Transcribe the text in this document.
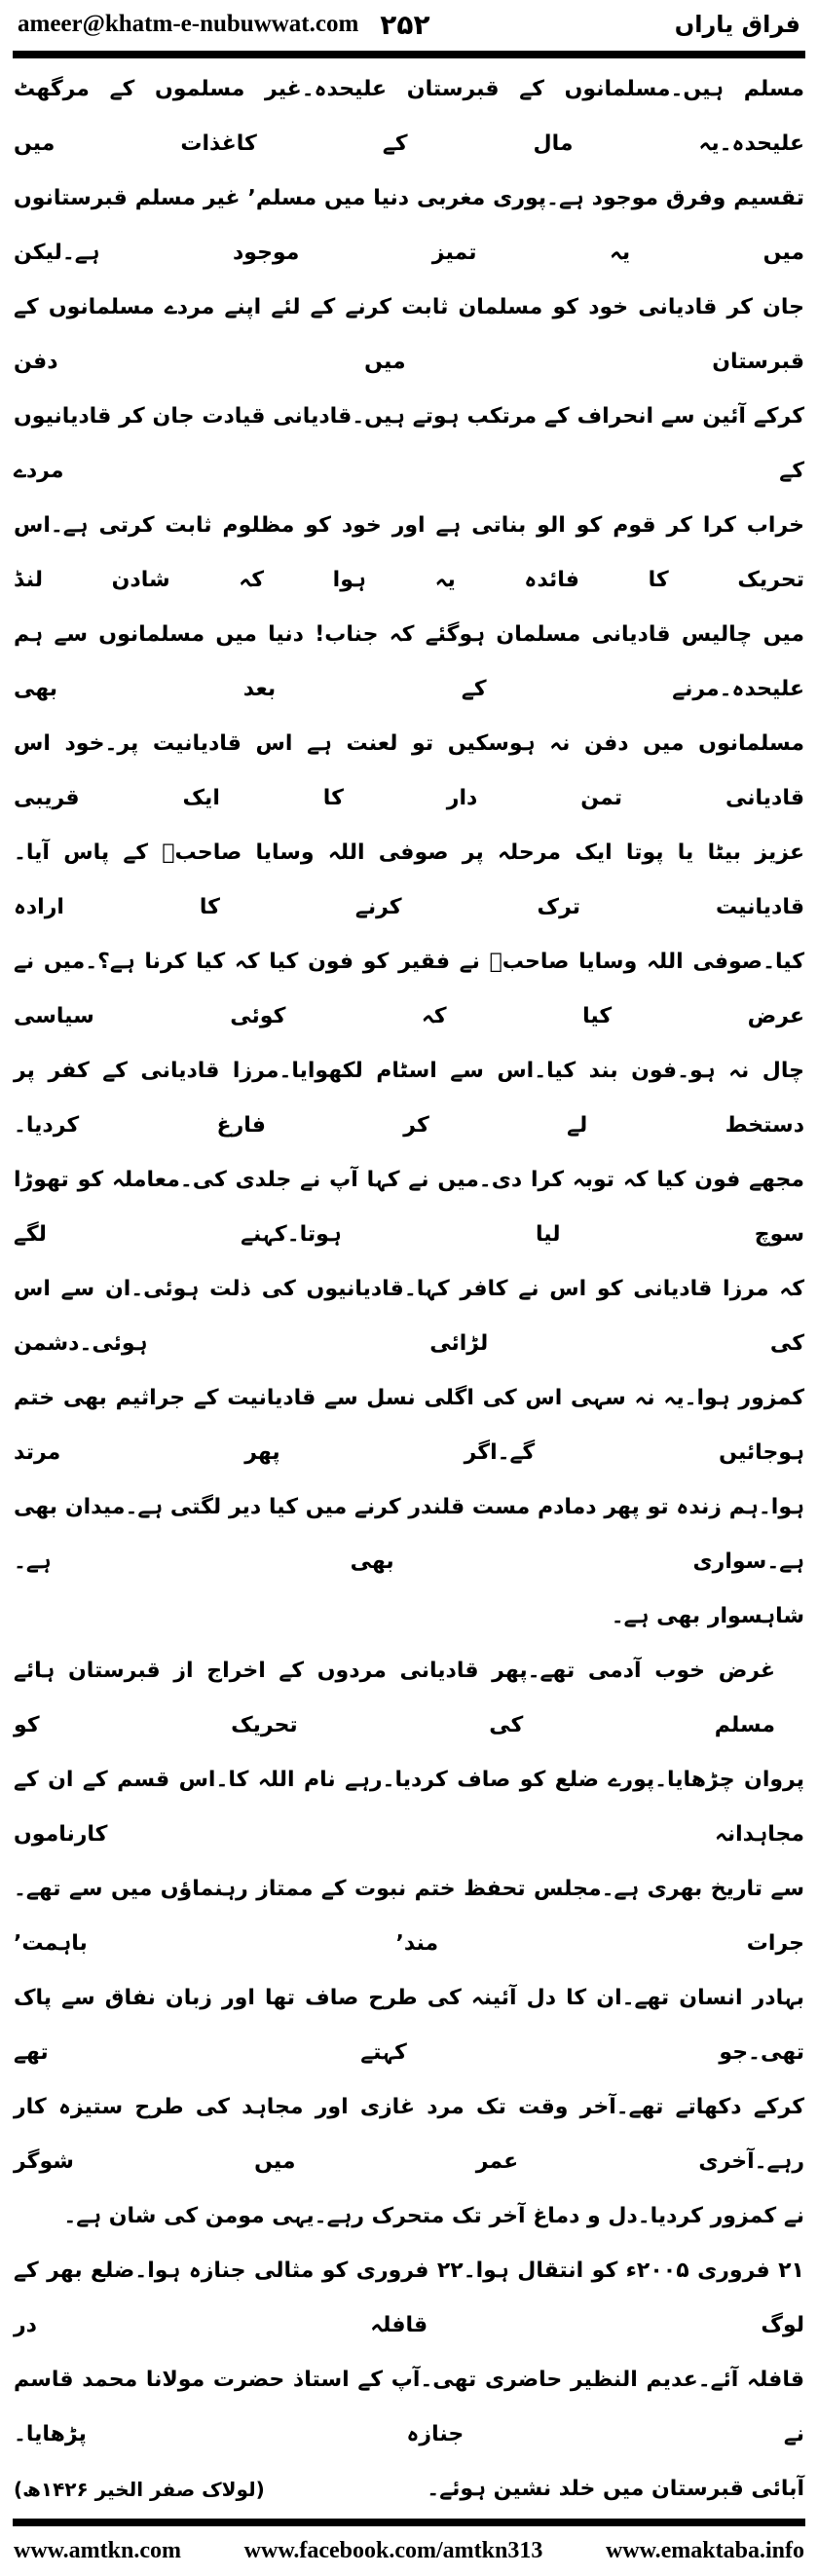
ameer@khatm-e-nubuwwat.com ۲۵۲	فراق یاراں
مسلم ہیں۔مسلمانوں کے قبرستان علیحدہ۔غیر مسلموں کے مرگھٹ علیحدہ۔یہ مال کے کاغذات میں
تقسیم وفرق موجود ہے۔پوری مغربی دنیا میں مسلم٬ غیر مسلم قبرستانوں میں یہ تمیز موجود ہے۔لیکن
جان کر قادیانی خود کو مسلمان ثابت کرنے کے لئے اپنے مردے مسلمانوں کے قبرستان میں دفن
کرکے آئین سے انحراف کے مرتکب ہوتے ہیں۔قادیانی قیادت جان کر قادیانیوں کے مردے
خراب کرا کر قوم کو الو بناتی ہے اور خود کو مظلوم ثابت کرتی ہے۔اس تحریک کا فائدہ یہ ہوا کہ شادن لنڈ
میں چالیس قادیانی مسلمان ہوگئے کہ جناب! دنیا میں مسلمانوں سے ہم علیحدہ۔مرنے کے بعد بھی
مسلمانوں میں دفن نہ ہوسکیں تو لعنت ہے اس قادیانیت پر۔خود اس قادیانی تمن دار کا ایک قریبی
عزیز بیٹا یا پوتا ایک مرحلہ پر صوفی اللہ وسایا صاحبؒ کے پاس آیا۔قادیانیت ترک کرنے کا ارادہ
کیا۔صوفی اللہ وسایا صاحبؒ نے فقیر کو فون کیا کہ کیا کرنا ہے؟۔میں نے عرض کیا کہ کوئی سیاسی
چال نہ ہو۔فون بند کیا۔اس سے اسٹام لکھوایا۔مرزا قادیانی کے کفر پر دستخط لے کر فارغ کردیا۔
مجھے فون کیا کہ توبہ کرا دی۔میں نے کہا آپ نے جلدی کی۔معاملہ کو تھوڑا سوچ لیا ہوتا۔کہنے لگے
کہ مرزا قادیانی کو اس نے کافر کہا۔قادیانیوں کی ذلت ہوئی۔ان سے اس کی لڑائی ہوئی۔دشمن
کمزور ہوا۔یہ نہ سہی اس کی اگلی نسل سے قادیانیت کے جراثیم بھی ختم ہوجائیں گے۔اگر پھر مرتد
ہوا۔ہم زندہ تو پھر دمادم مست قلندر کرنے میں کیا دیر لگتی ہے۔میدان بھی ہے۔سواری بھی ہے۔
شاہسوار بھی ہے۔
غرض خوب آدمی تھے۔پھر قادیانی مردوں کے اخراج از قبرستان ہائے مسلم کی تحریک کو
پروان چڑھایا۔پورے ضلع کو صاف کردیا۔رہے نام اللہ کا۔اس قسم کے ان کے مجاہدانہ کارناموں
سے تاریخ بھری ہے۔مجلس تحفظ ختم نبوت کے ممتاز رہنماؤں میں سے تھے۔جرات مند٬ باہمت٬
بہادر انسان تھے۔ان کا دل آئینہ کی طرح صاف تھا اور زبان نفاق سے پاک تھی۔جو کہتے تھے
کرکے دکھاتے تھے۔آخر وقت تک مرد غازی اور مجاہد کی طرح ستیزہ کار رہے۔آخری عمر میں شوگر
نے کمزور کردیا۔دل و دماغ آخر تک متحرک رہے۔یہی مومن کی شان ہے۔
۲۱ فروری ۲۰۰۵ء کو انتقال ہوا۔۲۲ فروری کو مثالی جنازہ ہوا۔ضلع بھر کے لوگ قافلہ در
قافلہ آئے۔عدیم النظیر حاضری تھی۔آپ کے استاذ حضرت مولانا محمد قاسم نے جنازہ پڑھایا۔
آبائی قبرستان میں خلد نشین ہوئے۔
(لولاک صفر الخیر ۱۴۲۶ھ)
www.amtkn.com	www.facebook.com/amtkn313	www.emaktaba.info
